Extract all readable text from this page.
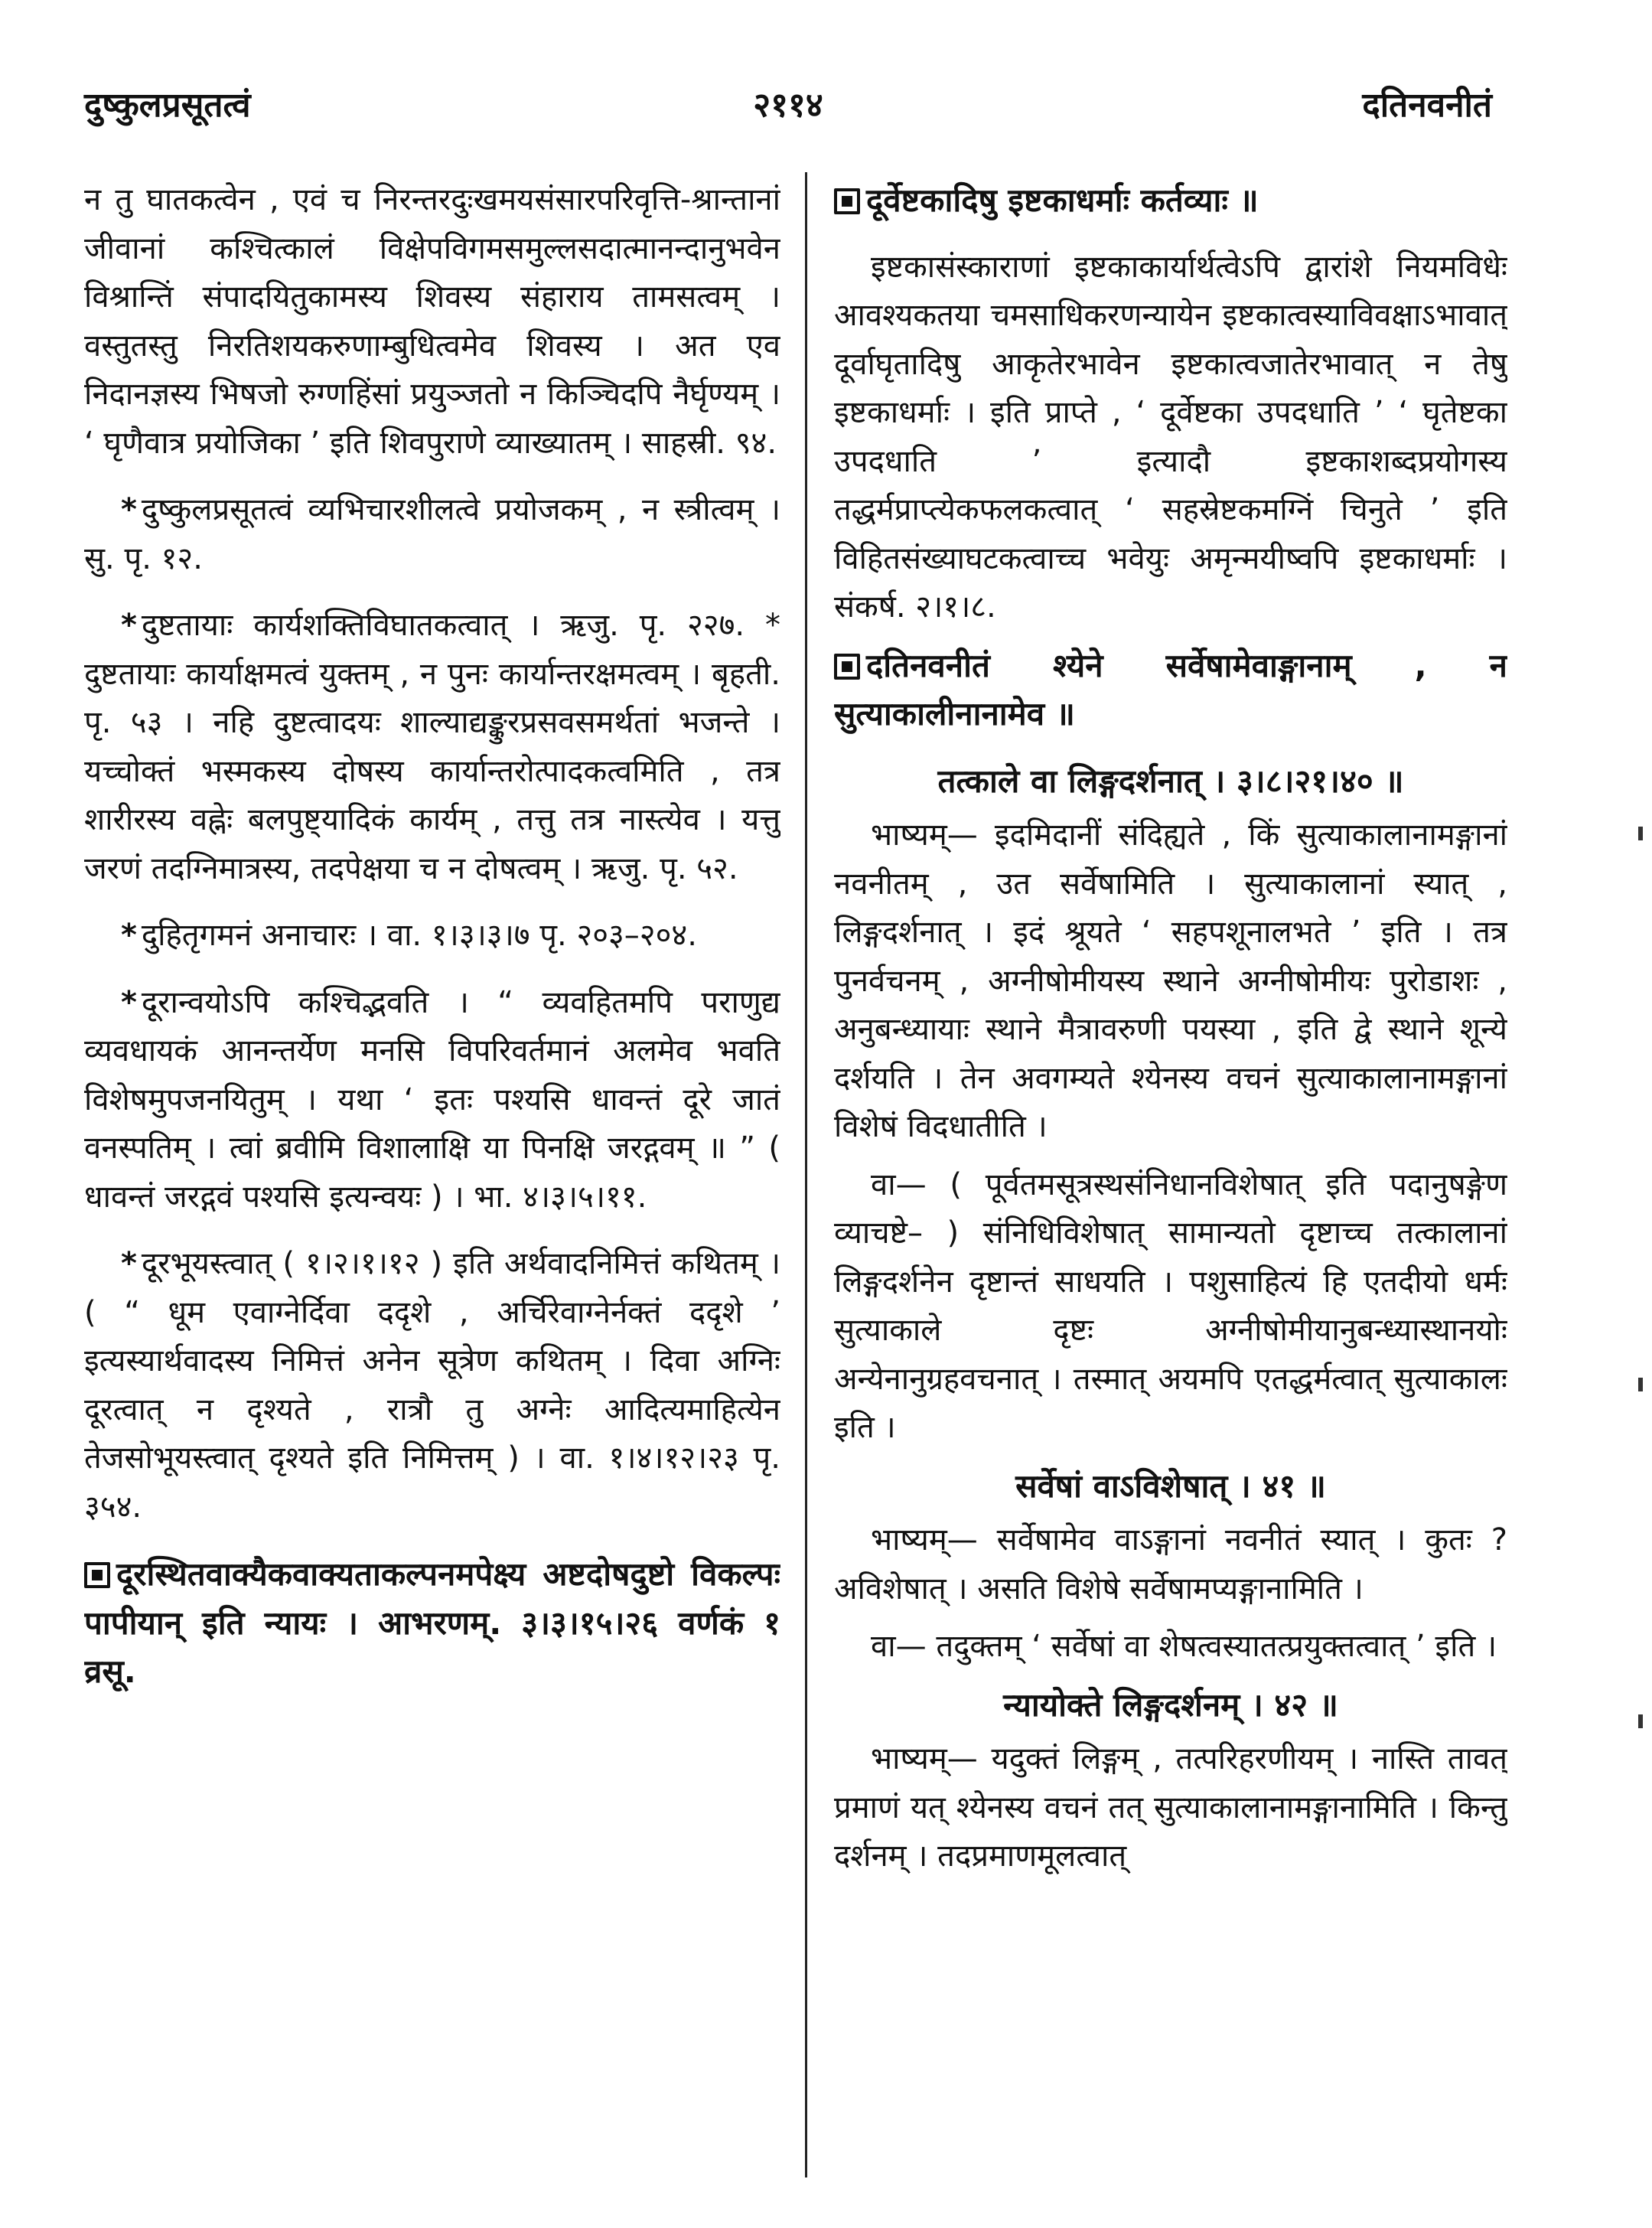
दुष्कुलप्रसूतत्वं	२११४	दतिनवनीतं

न तु घातकत्वेन , एवं च निरन्तरदुःखमयसंसारपरिवृत्ति-श्रान्तानां जीवानां कश्चित्कालं विक्षेपविगमसमुल्लसदात्मानन्दानुभवेन विश्रान्तिं संपादयितुकामस्य शिवस्य संहाराय तामसत्वम् । वस्तुतस्तु निरतिशयकरुणाम्बुधित्वमेव शिवस्य । अत एव निदानज्ञस्य भिषजो रुग्णहिंसां प्रयुञ्जतो न किञ्चिदपि नैर्घृण्यम् । ‘ घृणैवात्र प्रयोजिका ’ इति शिवपुराणे व्याख्यातम् । साहस्री. ९४.

* दुष्कुलप्रसूतत्वं व्यभिचारशीलत्वे प्रयोजकम् , न स्त्रीत्वम् । सु. पृ. १२.

* दुष्टतायाः कार्यशक्तिविघातकत्वात् । ऋजु. पृ. २२७. * दुष्टतायाः कार्याक्षमत्वं युक्तम् , न पुनः कार्यान्तरक्षमत्वम् । बृहती. पृ. ५३ । नहि दुष्टत्वादयः शाल्याद्यङ्कुरप्रसवसमर्थतां भजन्ते । यच्चोक्तं भस्मकस्य दोषस्य कार्यान्तरोत्पादकत्वमिति , तत्र शारीरस्य वह्नेः बलपुष्ट्यादिकं कार्यम् , तत्तु तत्र नास्त्येव । यत्तु जरणं तदग्निमात्रस्य, तदपेक्षया च न दोषत्वम् । ऋजु. पृ. ५२.

* दुहितृगमनं अनाचारः । वा. १।३।३।७ पृ. २०३–२०४.

* दूरान्वयोऽपि कश्चिद्भवति । “ व्यवहितमपि पराणुद्य व्यवधायकं आनन्तर्येण मनसि विपरिवर्तमानं अलमेव भवति विशेषमुपजनयितुम् । यथा ‘ इतः पश्यसि धावन्तं दूरे जातं वनस्पतिम् । त्वां ब्रवीमि विशालाक्षि या पिनक्षि जरद्गवम् ॥ ” ( धावन्तं जरद्गवं पश्यसि इत्यन्वयः ) । भा. ४।३।५।११.

* दूरभूयस्त्वात् ( १।२।१।१२ ) इति अर्थवादनिमित्तं कथितम् । ( “ धूम एवाग्नेर्दिवा ददृशे , अर्चिरेवाग्नेर्नक्तं ददृशे ’ इत्यस्यार्थवादस्य निमित्तं अनेन सूत्रेण कथितम् । दिवा अग्निः दूरत्वात् न दृश्यते , रात्रौ तु अग्नेः आदित्यमाहित्येन तेजसोभूयस्त्वात् दृश्यते इति निमित्तम् ) । वा. १।४।१२।२३ पृ. ३५४.

दूरस्थितवाक्यैकवाक्यताकल्पनमपेक्ष्य अष्टदोषदुष्टो विकल्पः पापीयान् इति न्यायः । आभरणम्. ३।३।१५।२६ वर्णकं १ व्रसू.

दूर्वेष्टकादिषु इष्टकाधर्माः कर्तव्याः ॥

इष्टकासंस्काराणां इष्टकाकार्यार्थत्वेऽपि द्वारांशे नियमविधेः आवश्यकतया चमसाधिकरणन्यायेन इष्टकात्वस्याविवक्षाऽभावात् दूर्वाघृतादिषु आकृतेरभावेन इष्टकात्वजातेरभावात् न तेषु इष्टकाधर्माः । इति प्राप्ते , ‘ दूर्वेष्टका उपदधाति ’ ‘ घृतेष्टका उपदधाति ’ इत्यादौ इष्टकाशब्दप्रयोगस्य तद्धर्मप्राप्त्येकफलकत्वात् ‘ सहस्रेष्टकमग्निं चिनुते ’ इति विहितसंख्याघटकत्वाच्च भवेयुः अमृन्मयीष्वपि इष्टकाधर्माः । संकर्ष. २।१।८.

दतिनवनीतं श्येने सर्वेषामेवाङ्गानाम् , न सुत्याकालीनानामेव ॥

तत्काले वा लिङ्गदर्शनात् । ३।८।२१।४० ॥

भाष्यम्— इदमिदानीं संदिह्यते , किं सुत्याकालानामङ्गानां नवनीतम् , उत सर्वेषामिति । सुत्याकालानां स्यात् , लिङ्गदर्शनात् । इदं श्रूयते ‘ सहपशूनालभते ’ इति । तत्र पुनर्वचनम् , अग्नीषोमीयस्य स्थाने अग्नीषोमीयः पुरोडाशः , अनुबन्ध्यायाः स्थाने मैत्रावरुणी पयस्या , इति द्वे स्थाने शून्ये दर्शयति । तेन अवगम्यते श्येनस्य वचनं सुत्याकालानामङ्गानां विशेषं विदधातीति ।

वा— ( पूर्वतमसूत्रस्थसंनिधानविशेषात् इति पदानुषङ्गेण व्याचष्टे– ) संनिधिविशेषात् सामान्यतो दृष्टाच्च तत्कालानां लिङ्गदर्शनेन दृष्टान्तं साधयति । पशुसाहित्यं हि एतदीयो धर्मः सुत्याकाले दृष्टः अग्नीषोमीयानुबन्ध्यास्थानयोः अन्येनानुग्रहवचनात् । तस्मात् अयमपि एतद्धर्मत्वात् सुत्याकालः इति ।

सर्वेषां वाऽविशेषात् । ४१ ॥

भाष्यम्— सर्वेषामेव वाऽङ्गानां नवनीतं स्यात् । कुतः ? अविशेषात् । असति विशेषे सर्वेषामप्यङ्गानामिति ।

वा— तदुक्तम् ‘ सर्वेषां वा शेषत्वस्यातत्प्रयुक्तत्वात् ’ इति ।

न्यायोक्ते लिङ्गदर्शनम् । ४२ ॥

भाष्यम्— यदुक्तं लिङ्गम् , तत्परिहरणीयम् । नास्ति तावत् प्रमाणं यत् श्येनस्य वचनं तत् सुत्याकालानामङ्गानामिति । किन्तु दर्शनम् । तदप्रमाणमूलत्वात्
